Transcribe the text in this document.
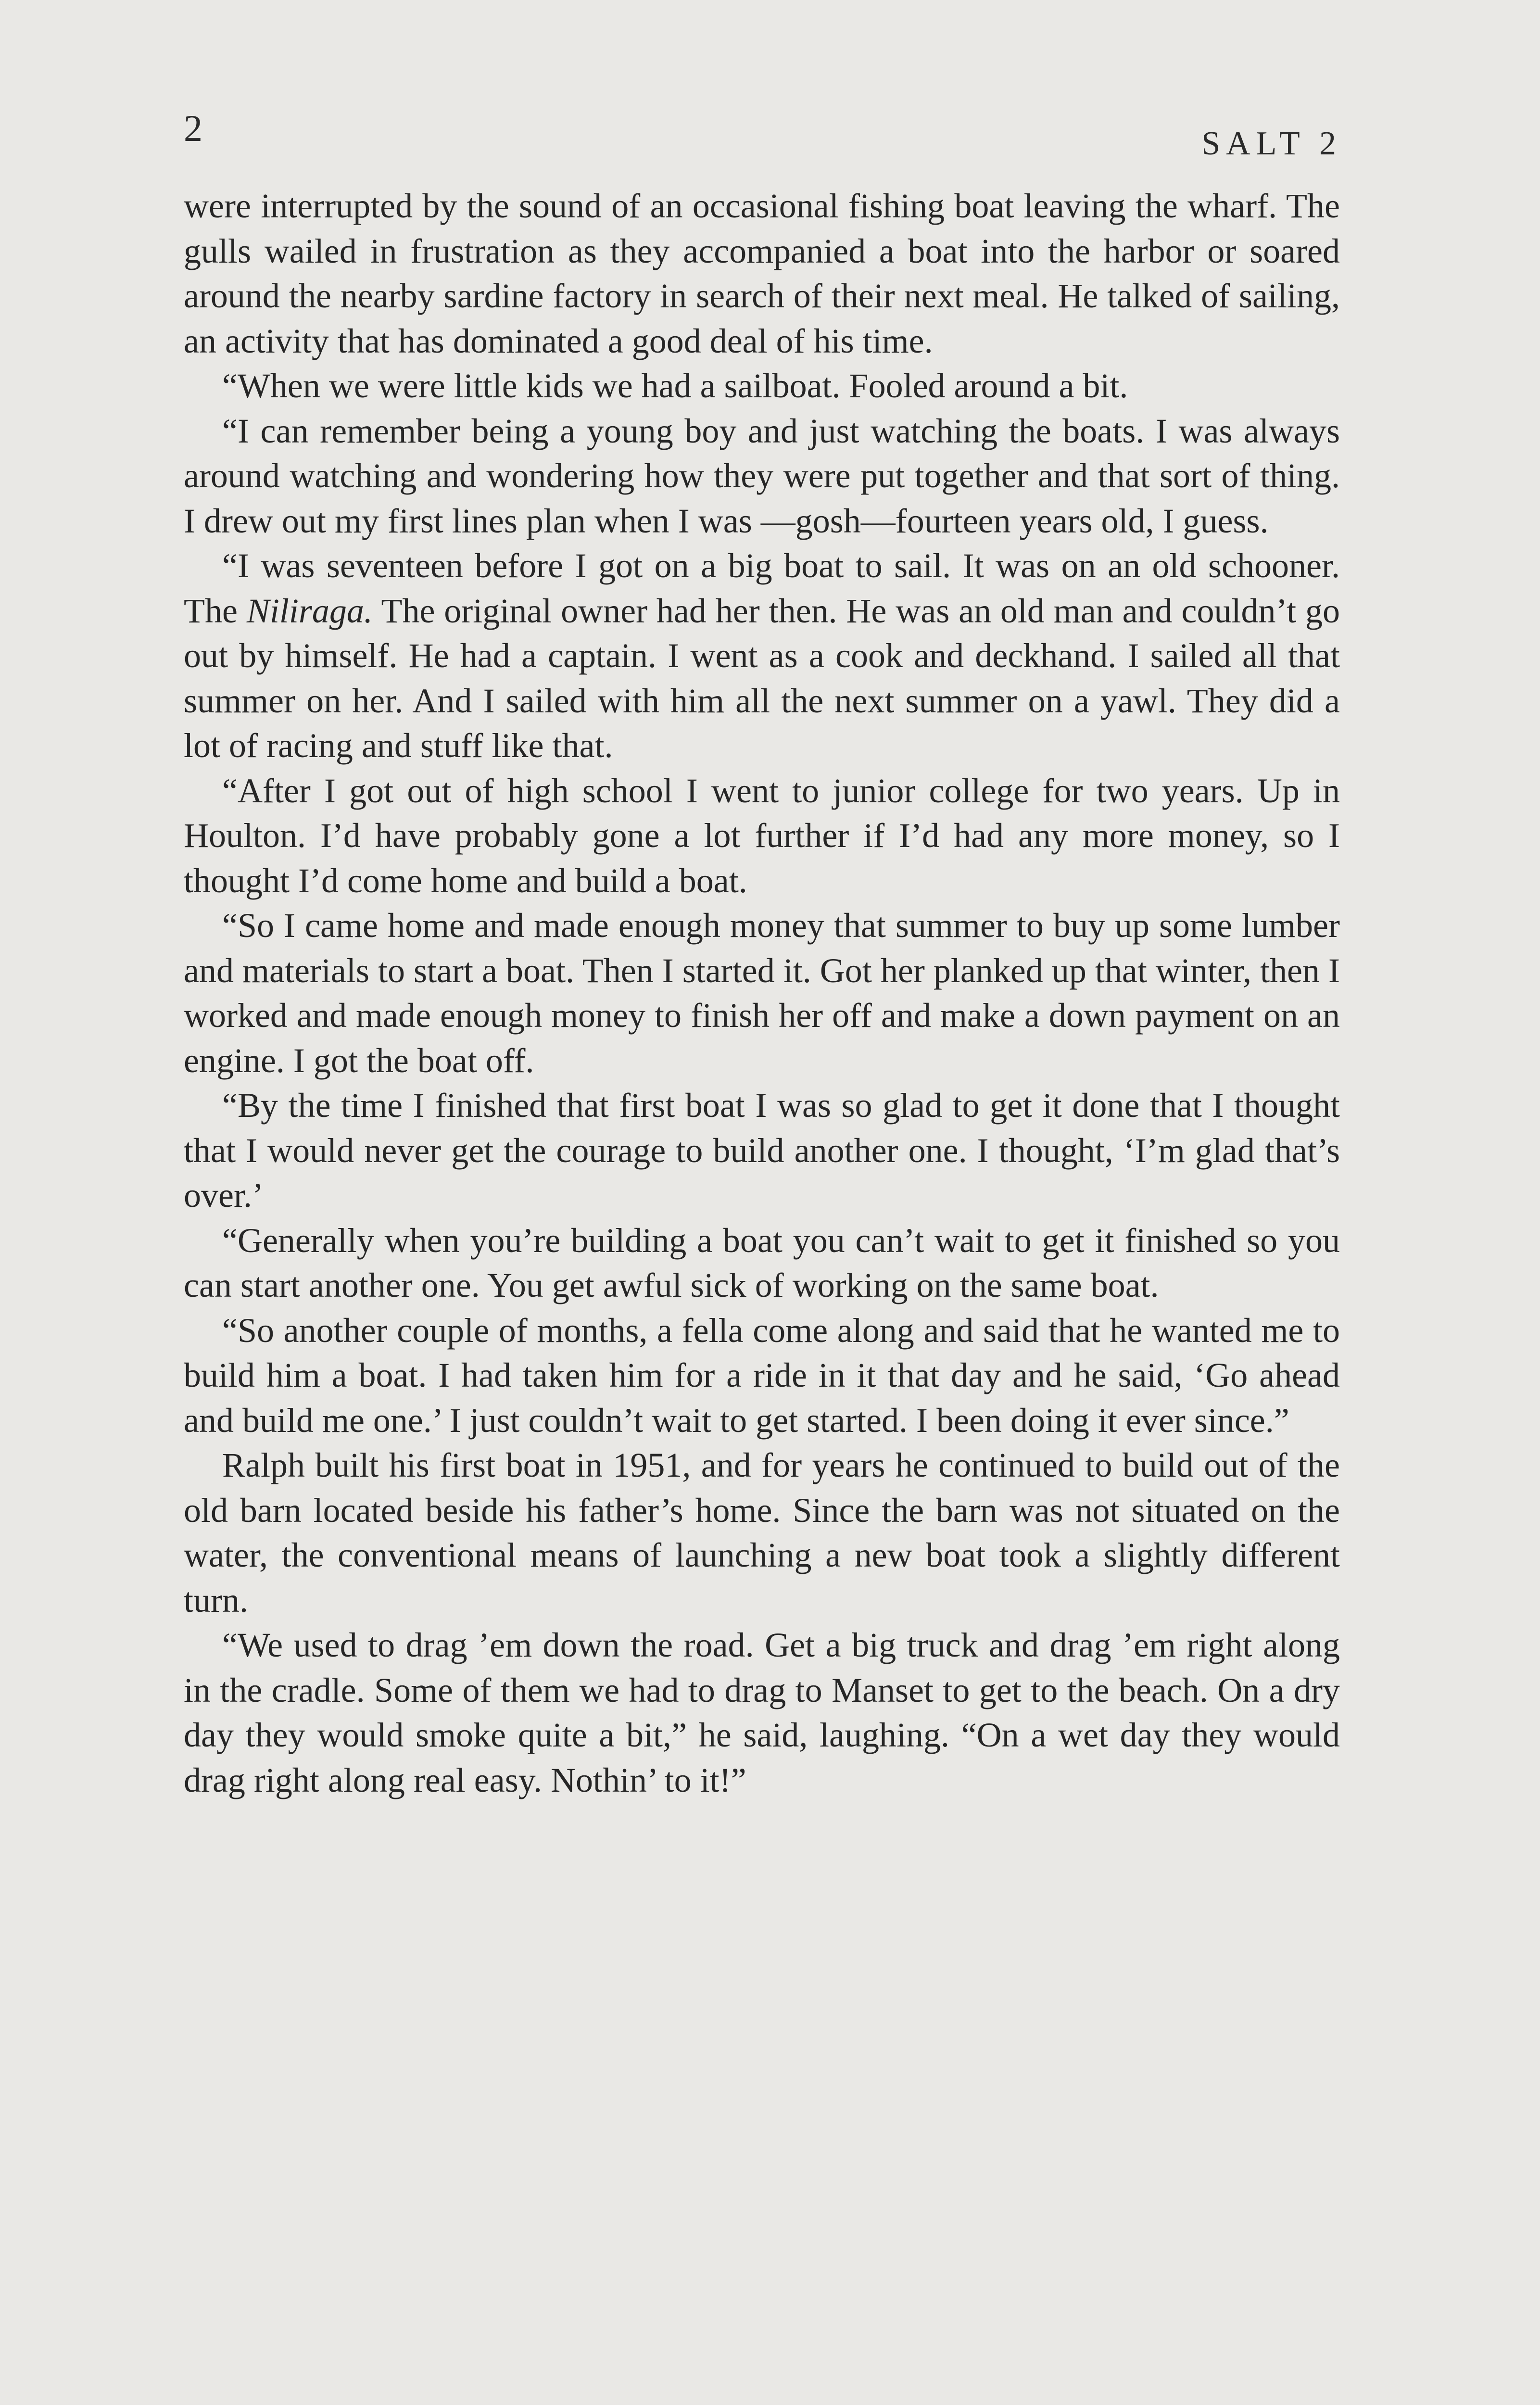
2	SALT 2

were interrupted by the sound of an occasional fishing boat leaving the wharf. The gulls wailed in frustration as they accompanied a boat into the harbor or soared around the nearby sardine factory in search of their next meal. He talked of sailing, an activity that has dominated a good deal of his time.

“When we were little kids we had a sailboat. Fooled around a bit.

“I can remember being a young boy and just watching the boats. I was always around watching and wondering how they were put together and that sort of thing. I drew out my first lines plan when I was —gosh—fourteen years old, I guess.

“I was seventeen before I got on a big boat to sail. It was on an old schooner. The Niliraga. The original owner had her then. He was an old man and couldn’t go out by himself. He had a captain. I went as a cook and deckhand. I sailed all that summer on her. And I sailed with him all the next summer on a yawl. They did a lot of racing and stuff like that.

“After I got out of high school I went to junior college for two years. Up in Houlton. I’d have probably gone a lot further if I’d had any more money, so I thought I’d come home and build a boat.

“So I came home and made enough money that summer to buy up some lumber and materials to start a boat. Then I started it. Got her planked up that winter, then I worked and made enough money to finish her off and make a down payment on an engine. I got the boat off.

“By the time I finished that first boat I was so glad to get it done that I thought that I would never get the courage to build another one. I thought, ‘I’m glad that’s over.’

“Generally when you’re building a boat you can’t wait to get it finished so you can start another one. You get awful sick of working on the same boat.

“So another couple of months, a fella come along and said that he wanted me to build him a boat. I had taken him for a ride in it that day and he said, ‘Go ahead and build me one.’ I just couldn’t wait to get started. I been doing it ever since.”

Ralph built his first boat in 1951, and for years he continued to build out of the old barn located beside his father’s home. Since the barn was not situated on the water, the conventional means of launching a new boat took a slightly different turn.

“We used to drag ’em down the road. Get a big truck and drag ’em right along in the cradle. Some of them we had to drag to Manset to get to the beach. On a dry day they would smoke quite a bit,” he said, laughing. “On a wet day they would drag right along real easy. Nothin’ to it!”
